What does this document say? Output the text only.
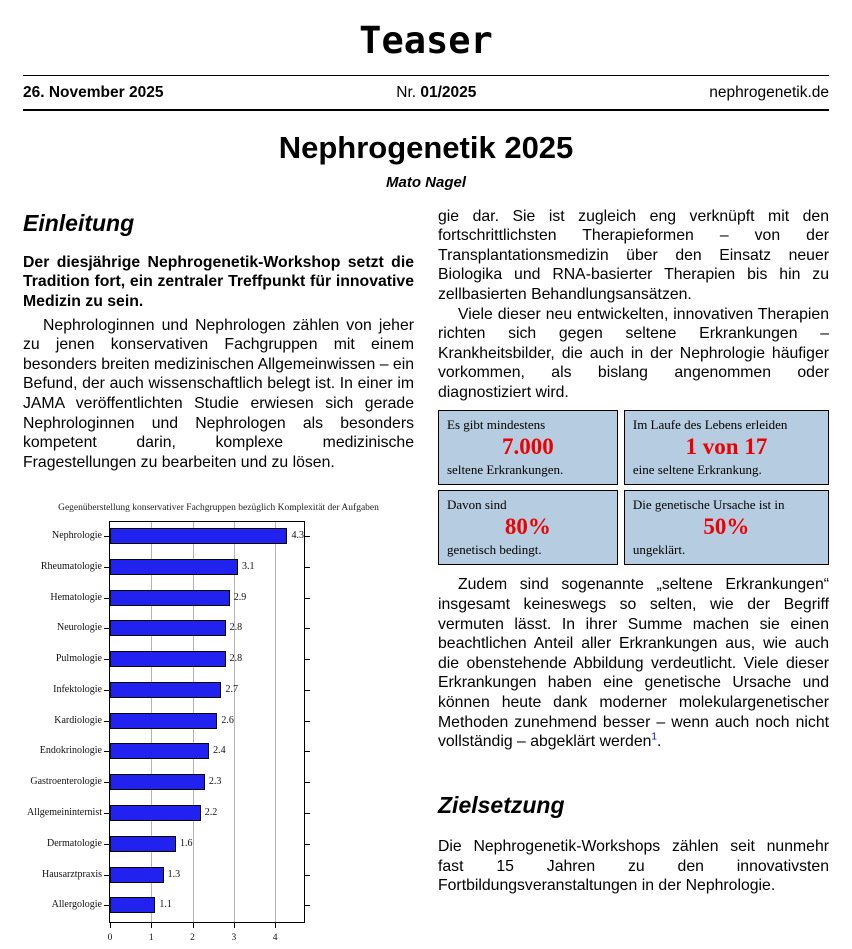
Teaser
26. November 2025	Nr. 01/2025	nephrogenetik.de
Nephrogenetik 2025
Mato Nagel
Einleitung

Der diesjährige Nephrogenetik-Workshop setzt die Tradition fort, ein zentraler Treffpunkt für innovative Medizin zu sein.

Nephrologinnen und Nephrologen zählen von jeher zu jenen konservativen Fachgruppen mit einem besonders breiten medizinischen Allgemeinwissen – ein Befund, der auch wissenschaftlich belegt ist. In einer im JAMA veröffentlichten Studie erwiesen sich gerade Nephrologinnen und Nephrologen als besonders kompetent darin, komplexe medizinische Fragestellungen zu bearbeiten und zu lösen.

Gegenüberstellung konservativer Fachgruppen bezüglich Komplexität der Aufgaben
0	1	2	3	4
Nephrologie	4.3
Rheumatologie	3.1
Hematologie	2.9
Neurologie	2.8
Pulmologie	2.8
Infektologie	2.7
Kardiologie	2.6
Endokrinologie	2.4
Gastroenterologie	2.3
Allgemeininternist	2.2
Dermatologie	1.6
Hausarztpraxis	1.3
Allergologie	1.1

gie dar. Sie ist zugleich eng verknüpft mit den fortschrittlichsten Therapieformen – von der Transplantationsmedizin über den Einsatz neuer Biologika und RNA-basierter Therapien bis hin zu zellbasierten Behandlungsansätzen.

Viele dieser neu entwickelten, innovativen Therapien richten sich gegen seltene Erkrankungen – Krankheitsbilder, die auch in der Nephrologie häufiger vorkommen, als bislang angenommen oder diagnostiziert wird.

Es gibt mindestens
7.000
seltene Erkrankungen.
Im Laufe des Lebens erleiden
1 von 17
eine seltene Erkrankung.
Davon sind
80%
genetisch bedingt.
Die genetische Ursache ist in
50%
ungeklärt.

Zudem sind sogenannte „seltene Erkrankungen“ insgesamt keineswegs so selten, wie der Begriff vermuten lässt. In ihrer Summe machen sie einen beachtlichen Anteil aller Erkrankungen aus, wie auch die obenstehende Abbildung verdeutlicht. Viele dieser Erkrankungen haben eine genetische Ursache und können heute dank moderner molekulargenetischer Methoden zunehmend besser – wenn auch noch nicht vollständig – abgeklärt werden$^1$.

Zielsetzung

Die Nephrogenetik-Workshops zählen seit nunmehr fast 15 Jahren zu den innovativsten Fortbildungsveranstaltungen in der Nephrologie.
